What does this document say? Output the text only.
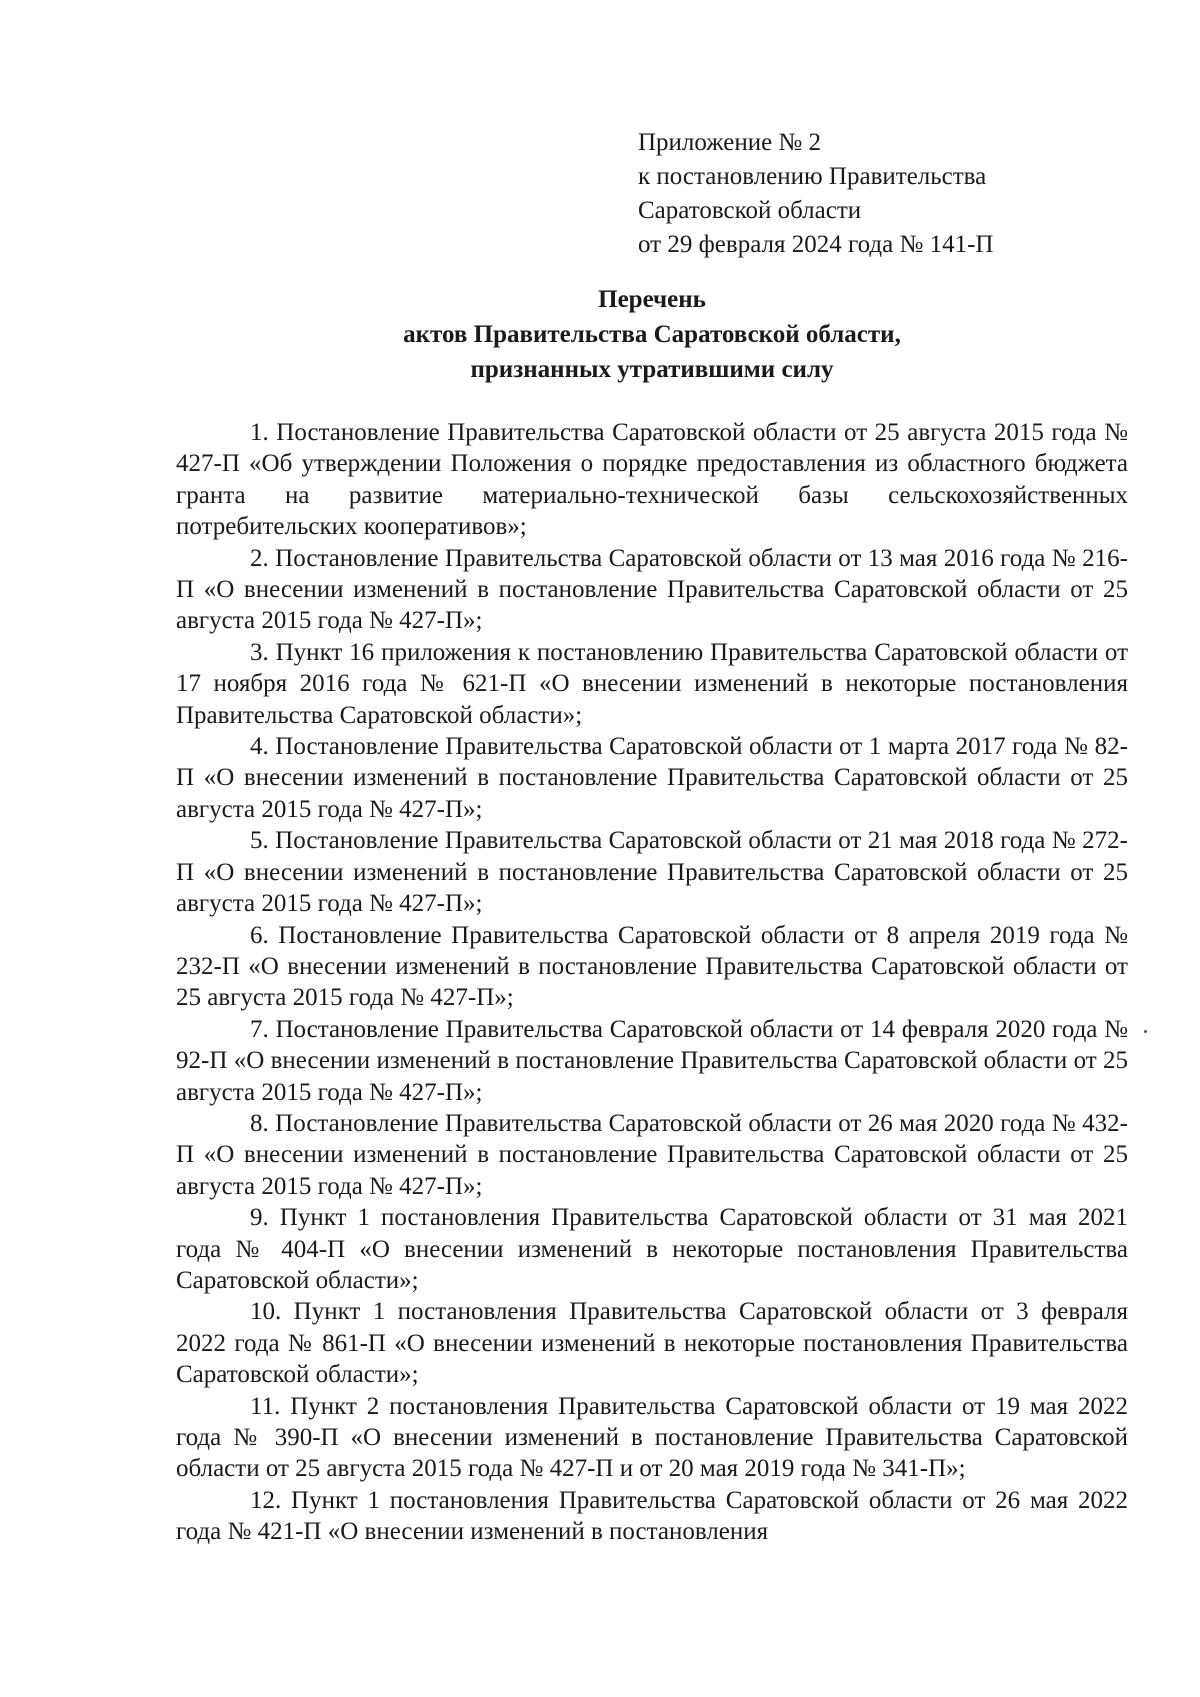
Приложение № 2
к постановлению Правительства
Саратовской области
от 29 февраля 2024 года № 141-П
Перечень
актов Правительства Саратовской области,
признанных утратившими силу

1. Постановление Правительства Саратовской области от 25 августа 2015 года № 427-П «Об утверждении Положения о порядке предоставления из областного бюджета гранта на развитие материально-технической базы сельскохозяйственных потребительских кооперативов»;

2. Постановление Правительства Саратовской области от 13 мая 2016 года № 216-П «О внесении изменений в постановление Правительства Саратовской области от 25 августа 2015 года № 427-П»;

3. Пункт 16 приложения к постановлению Правительства Саратовской области от 17 ноября 2016 года № 621-П «О внесении изменений в некоторые постановления Правительства Саратовской области»;

4. Постановление Правительства Саратовской области от 1 марта 2017 года № 82-П «О внесении изменений в постановление Правительства Саратовской области от 25 августа 2015 года № 427-П»;

5. Постановление Правительства Саратовской области от 21 мая 2018 года № 272-П «О внесении изменений в постановление Правительства Саратовской области от 25 августа 2015 года № 427-П»;

6. Постановление Правительства Саратовской области от 8 апреля 2019 года № 232-П «О внесении изменений в постановление Правительства Саратовской области от 25 августа 2015 года № 427-П»;

7. Постановление Правительства Саратовской области от 14 февраля 2020 года № 92-П «О внесении изменений в постановление Правительства Саратовской области от 25 августа 2015 года № 427-П»;

8. Постановление Правительства Саратовской области от 26 мая 2020 года № 432-П «О внесении изменений в постановление Правительства Саратовской области от 25 августа 2015 года № 427-П»;

9. Пункт 1 постановления Правительства Саратовской области от 31 мая 2021 года № 404-П «О внесении изменений в некоторые постановления Правительства Саратовской области»;

10. Пункт 1 постановления Правительства Саратовской области от 3 февраля 2022 года № 861-П «О внесении изменений в некоторые постановления Правительства Саратовской области»;

11. Пункт 2 постановления Правительства Саратовской области от 19 мая 2022 года № 390-П «О внесении изменений в постановление Правительства Саратовской области от 25 августа 2015 года № 427-П и от 20 мая 2019 года № 341-П»;

12. Пункт 1 постановления Правительства Саратовской области от 26 мая 2022 года № 421-П «О внесении изменений в постановления
